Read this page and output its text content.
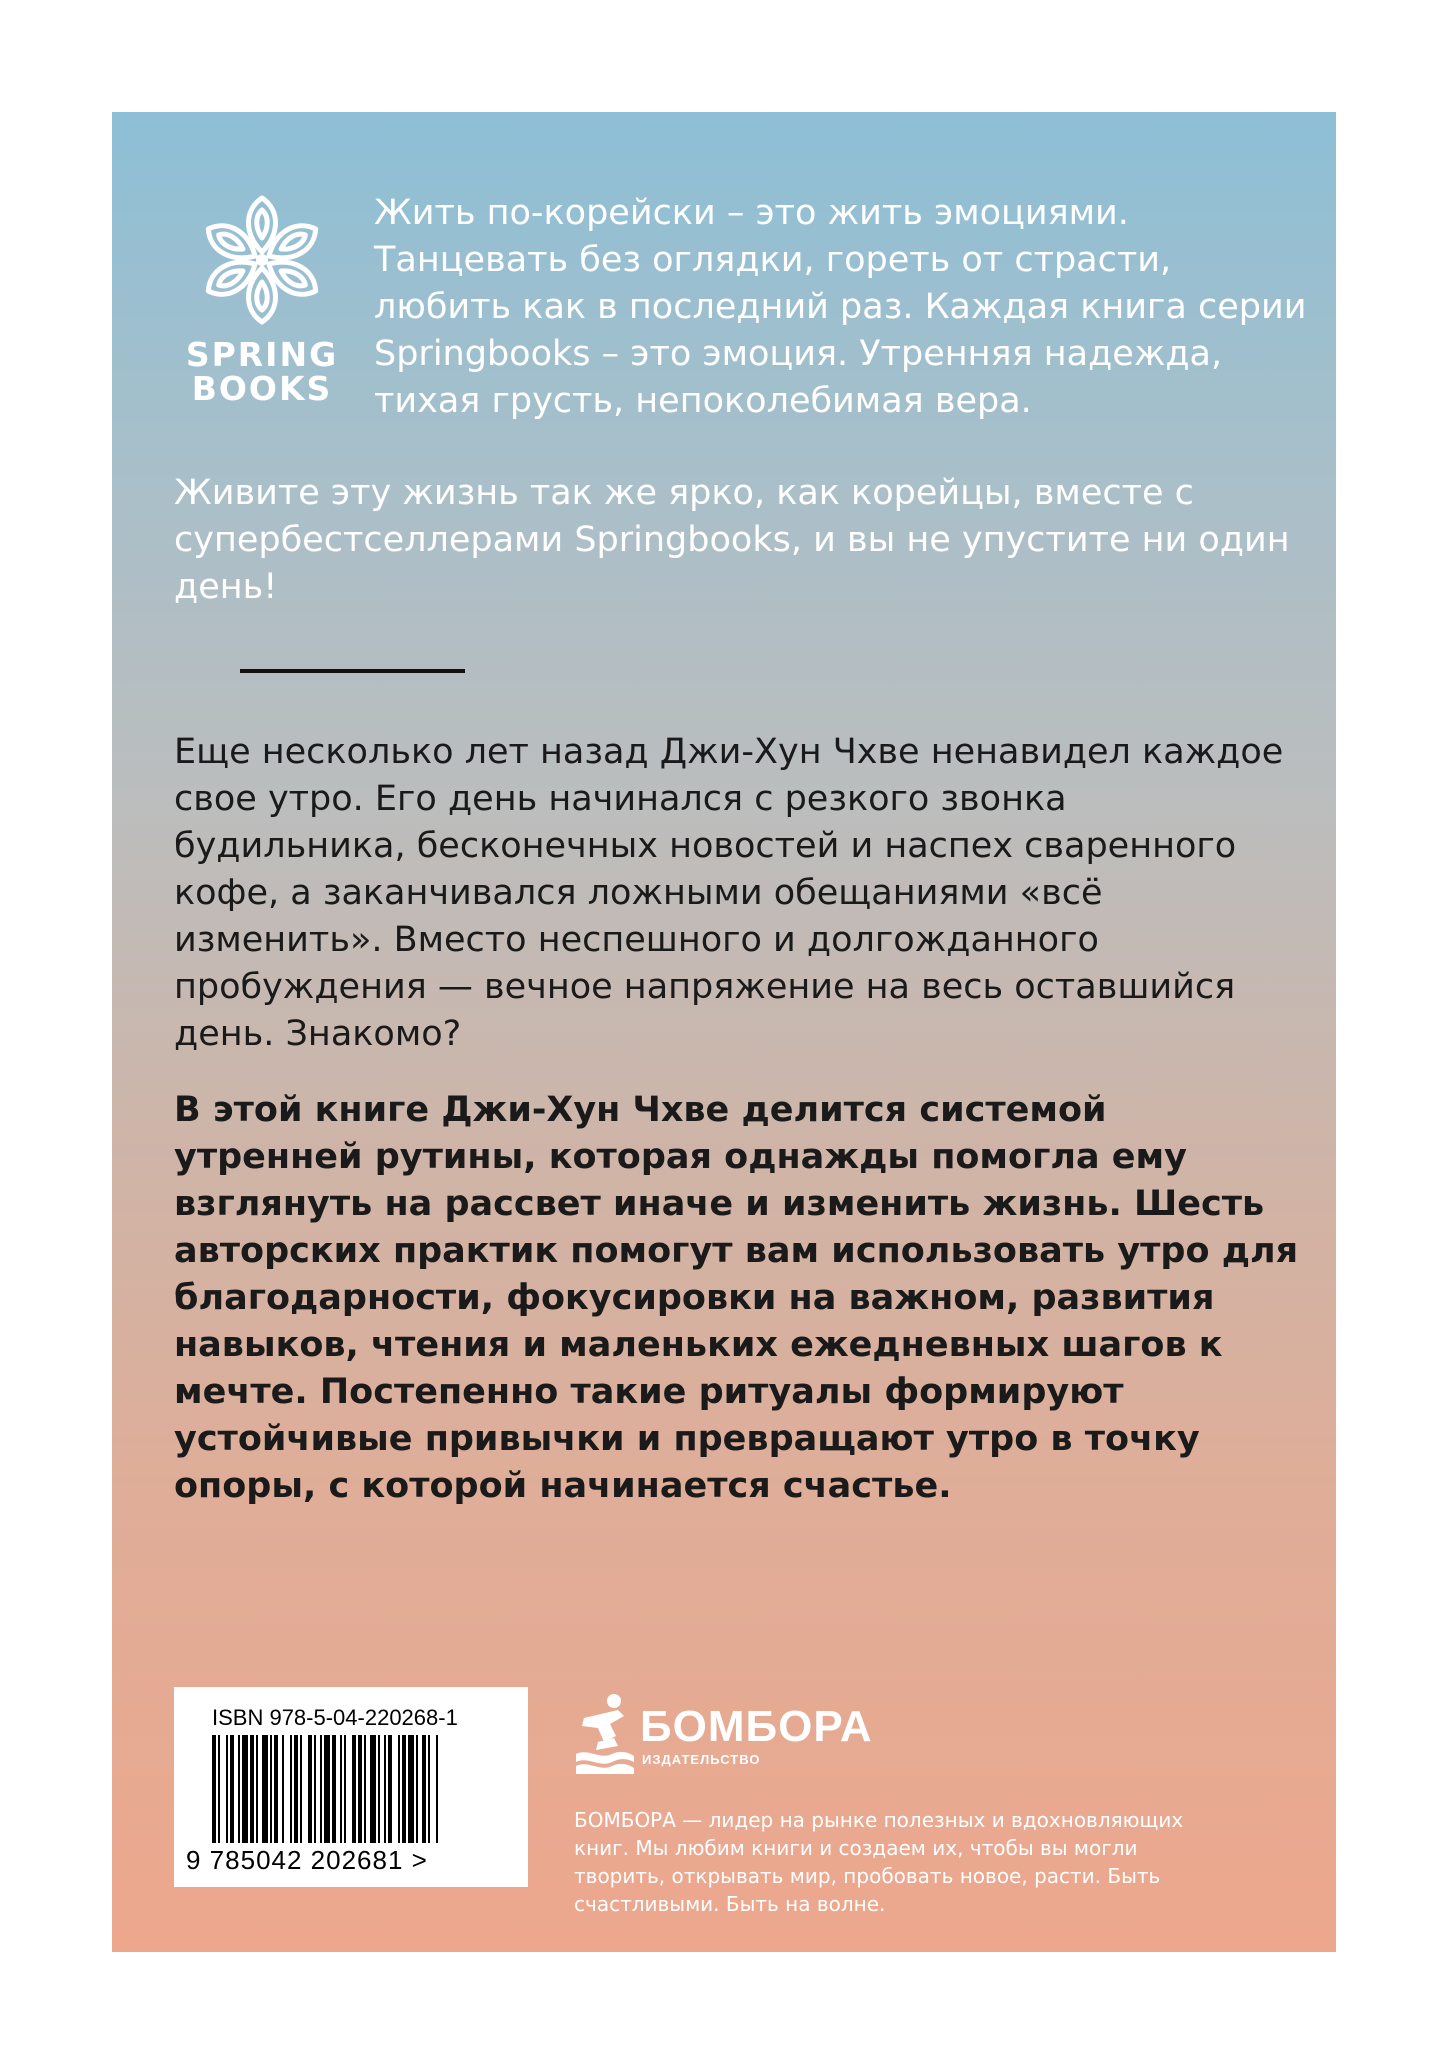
SPRING
BOOKS

Жить по-корейски – это жить эмоциями. Танцевать без оглядки, гореть от страсти, любить как в последний раз. Каждая книга серии Springbooks – это эмоция. Утренняя надежда, тихая грусть, непоколебимая вера.

Живите эту жизнь так же ярко, как корейцы, вместе с супербестселлерами Springbooks, и вы не упустите ни один день!

Еще несколько лет назад Джи-Хун Чхве ненавидел каждое свое утро. Его день начинался с резкого звонка будильника, бесконечных новостей и наспех сваренного кофе, а заканчивался ложными обещаниями «всё изменить». Вместо неспешного и долгожданного пробуждения — вечное напряжение на весь оставшийся день. Знакомо?

В этой книге Джи-Хун Чхве делится системой утренней рутины, которая однажды помогла ему взглянуть на рассвет иначе и изменить жизнь. Шесть авторских практик помогут вам использовать утро для благодарности, фокусировки на важном, развития навыков, чтения и маленьких ежедневных шагов к мечте. Постепенно такие ритуалы формируют устойчивые привычки и превращают утро в точку опоры, с которой начинается счастье.

ISBN 978-5-04-220268-1
9 785042 202681 >
БОМБОРА
ИЗДАТЕЛЬСТВО

БОМБОРА — лидер на рынке полезных и вдохновляющих книг. Мы любим книги и создаем их, чтобы вы могли творить, открывать мир, пробовать новое, расти. Быть счастливыми. Быть на волне.
